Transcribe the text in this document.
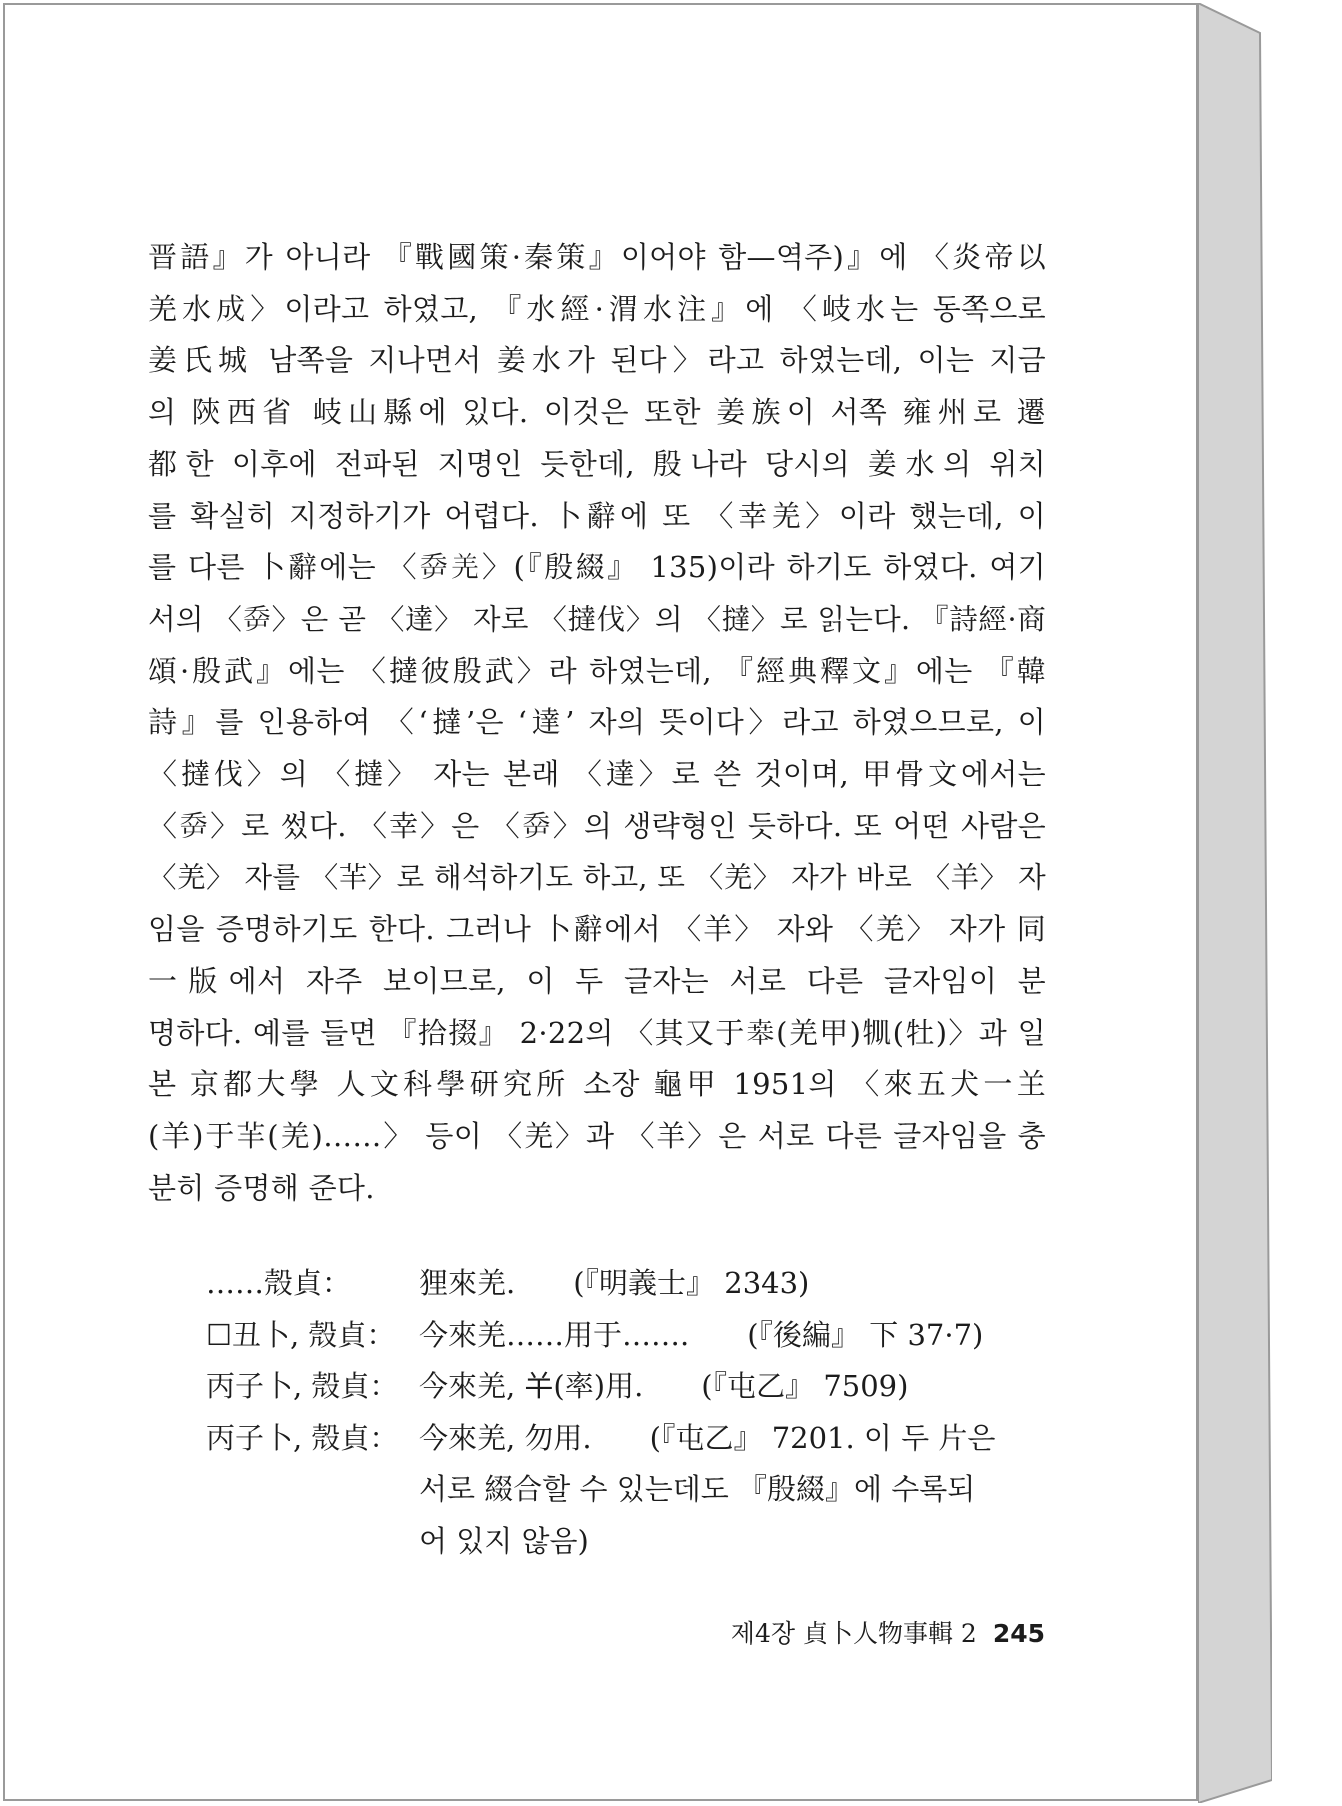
晋語』가 아니라 『戰國策·秦策』이어야 함—역주)』에 〈炎帝以
羌水成〉이라고 하였고, 『水經·渭水注』에 〈岐水는 동쪽으로
姜氏城 남쪽을 지나면서 姜水가 된다〉라고 하였는데, 이는 지금
의 陝西省 岐山縣에 있다. 이것은 또한 姜族이 서쪽 雍州로 遷
都한 이후에 전파된 지명인 듯한데, 殷나라 당시의 姜水의 위치
를 확실히 지정하기가 어렵다. 卜辭에 또 〈幸羌〉이라 했는데, 이
를 다른 卜辭에는 〈𡴘羌〉(『殷綴』 135)이라 하기도 하였다. 여기
서의 〈𡴘〉은 곧 〈達〉 자로 〈撻伐〉의 〈撻〉로 읽는다. 『詩經·商
頌·殷武』에는 〈撻彼殷武〉라 하였는데, 『經典釋文』에는 『韓
詩』를 인용하여 〈‘撻’은 ‘達’ 자의 뜻이다〉라고 하였으므로, 이
〈撻伐〉의 〈撻〉 자는 본래 〈達〉로 쓴 것이며, 甲骨文에서는
〈𡴘〉로 썼다. 〈幸〉은 〈𡴘〉의 생략형인 듯하다. 또 어떤 사람은
〈羌〉 자를 〈𦍋〉로 해석하기도 하고, 또 〈羌〉 자가 바로 〈羊〉 자
임을 증명하기도 한다. 그러나 卜辭에서 〈羊〉 자와 〈羌〉 자가 同
一版에서 자주 보이므로, 이 두 글자는 서로 다른 글자임이 분
명하다. 예를 들면 『拾掇』 2·22의 〈其又于𠦪(羌甲)𤘷(牡)〉과 일
본 京都大學 人文科學研究所 소장 龜甲 1951의 〈來五犬一𦍌
(羊)于𦍋(羌)……〉 등이 〈羌〉과 〈羊〉은 서로 다른 글자임을 충
분히 증명해 준다.
……殼貞：	狸來羌.　　(『明義士』 2343)
☐丑卜, 殼貞： 今來羌……用于…….　　(『後編』 下 37·7)
丙子卜, 殼貞： 今來羌, 𢆉(率)用.　　(『屯乙』 7509)
丙子卜, 殼貞： 今來羌, 勿用.　　(『屯乙』 7201. 이 두 片은
서로 綴合할 수 있는데도 『殷綴』에 수록되
어 있지 않음)
제4장 貞卜人物事輯 2 245
